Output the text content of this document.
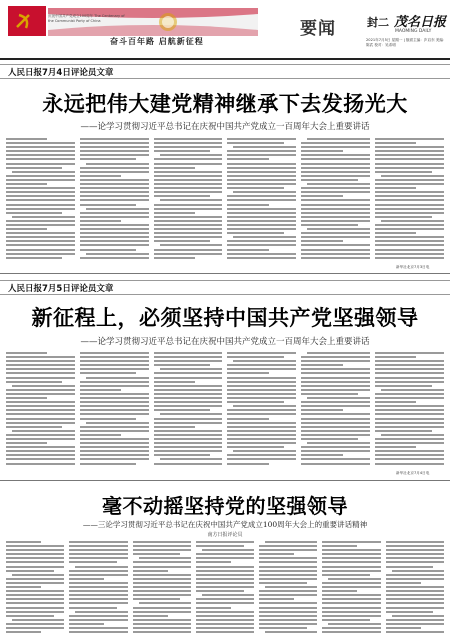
庆祝中国共产党成立100周年 The Centenary of the Communist Party of China
奋斗百年路 启航新征程
要闻	封二 茂名日报
MAOMING DAILY
2021年7月5日 星期一 | 版面主编：庐启东 美编：陈武 校对：吴希明
人民日报7月4日评论员文章
永远把伟大建党精神继承下去发扬光大
——论学习贯彻习近平总书记在庆祝中国共产党成立一百周年大会上重要讲话
新华社北京7月3日电
人民日报7月5日评论员文章
新征程上，必须坚持中国共产党坚强领导
——论学习贯彻习近平总书记在庆祝中国共产党成立一百周年大会上重要讲话
新华社北京7月4日电
毫不动摇坚持党的坚强领导
——三论学习贯彻习近平总书记在庆祝中国共产党成立100周年大会上的重要讲话精神
南方日报评论员
